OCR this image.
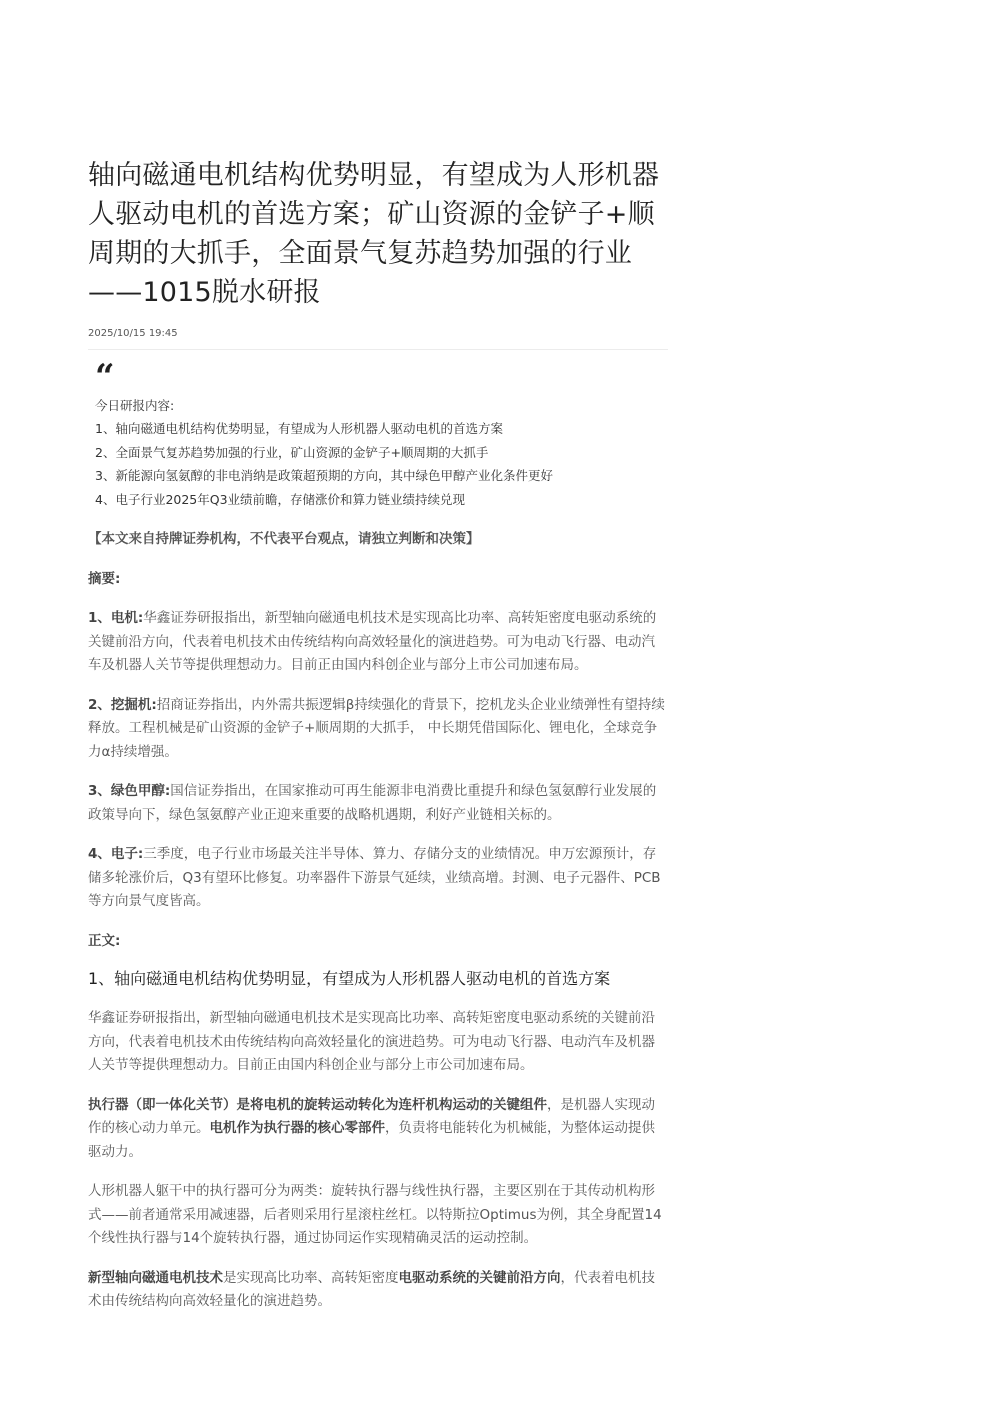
轴向磁通电机结构优势明显，有望成为人形机器人驱动电机的首选方案；矿山资源的金铲子+顺周期的大抓手，全面景气复苏趋势加强的行业——1015脱水研报
2025/10/15 19:45
“
今日研报内容:
1、轴向磁通电机结构优势明显，有望成为人形机器人驱动电机的首选方案
2、全面景气复苏趋势加强的行业，矿山资源的金铲子+顺周期的大抓手
3、新能源向氢氨醇的非电消纳是政策超预期的方向，其中绿色甲醇产业化条件更好
4、电子行业2025年Q3业绩前瞻，存储涨价和算力链业绩持续兑现

【本文来自持牌证券机构，不代表平台观点，请独立判断和决策】

摘要:

1、电机:华鑫证券研报指出，新型轴向磁通电机技术是实现高比功率、高转矩密度电驱动系统的关键前沿方向，代表着电机技术由传统结构向高效轻量化的演进趋势。可为电动飞行器、电动汽车及机器人关节等提供理想动力。目前正由国内科创企业与部分上市公司加速布局。

2、挖掘机:招商证券指出，内外需共振逻辑β持续强化的背景下，挖机龙头企业业绩弹性有望持续释放。工程机械是矿山资源的金铲子+顺周期的大抓手， 中长期凭借国际化、锂电化，全球竞争力α持续增强。

3、绿色甲醇:国信证券指出，在国家推动可再生能源非电消费比重提升和绿色氢氨醇行业发展的政策导向下，绿色氢氨醇产业正迎来重要的战略机遇期，利好产业链相关标的。

4、电子:三季度，电子行业市场最关注半导体、算力、存储分支的业绩情况。申万宏源预计，存储多轮涨价后，Q3有望环比修复。功率器件下游景气延续，业绩高增。封测、电子元器件、PCB等方向景气度皆高。

正文:

1、轴向磁通电机结构优势明显，有望成为人形机器人驱动电机的首选方案

华鑫证券研报指出，新型轴向磁通电机技术是实现高比功率、高转矩密度电驱动系统的关键前沿方向，代表着电机技术由传统结构向高效轻量化的演进趋势。可为电动飞行器、电动汽车及机器人关节等提供理想动力。目前正由国内科创企业与部分上市公司加速布局。

执行器（即一体化关节）是将电机的旋转运动转化为连杆机构运动的关键组件，是机器人实现动作的核心动力单元。电机作为执行器的核心零部件，负责将电能转化为机械能，为整体运动提供驱动力。

人形机器人躯干中的执行器可分为两类：旋转执行器与线性执行器，主要区别在于其传动机构形式——前者通常采用减速器，后者则采用行星滚柱丝杠。以特斯拉Optimus为例，其全身配置14个线性执行器与14个旋转执行器，通过协同运作实现精确灵活的运动控制。

新型轴向磁通电机技术是实现高比功率、高转矩密度电驱动系统的关键前沿方向，代表着电机技术由传统结构向高效轻量化的演进趋势。
